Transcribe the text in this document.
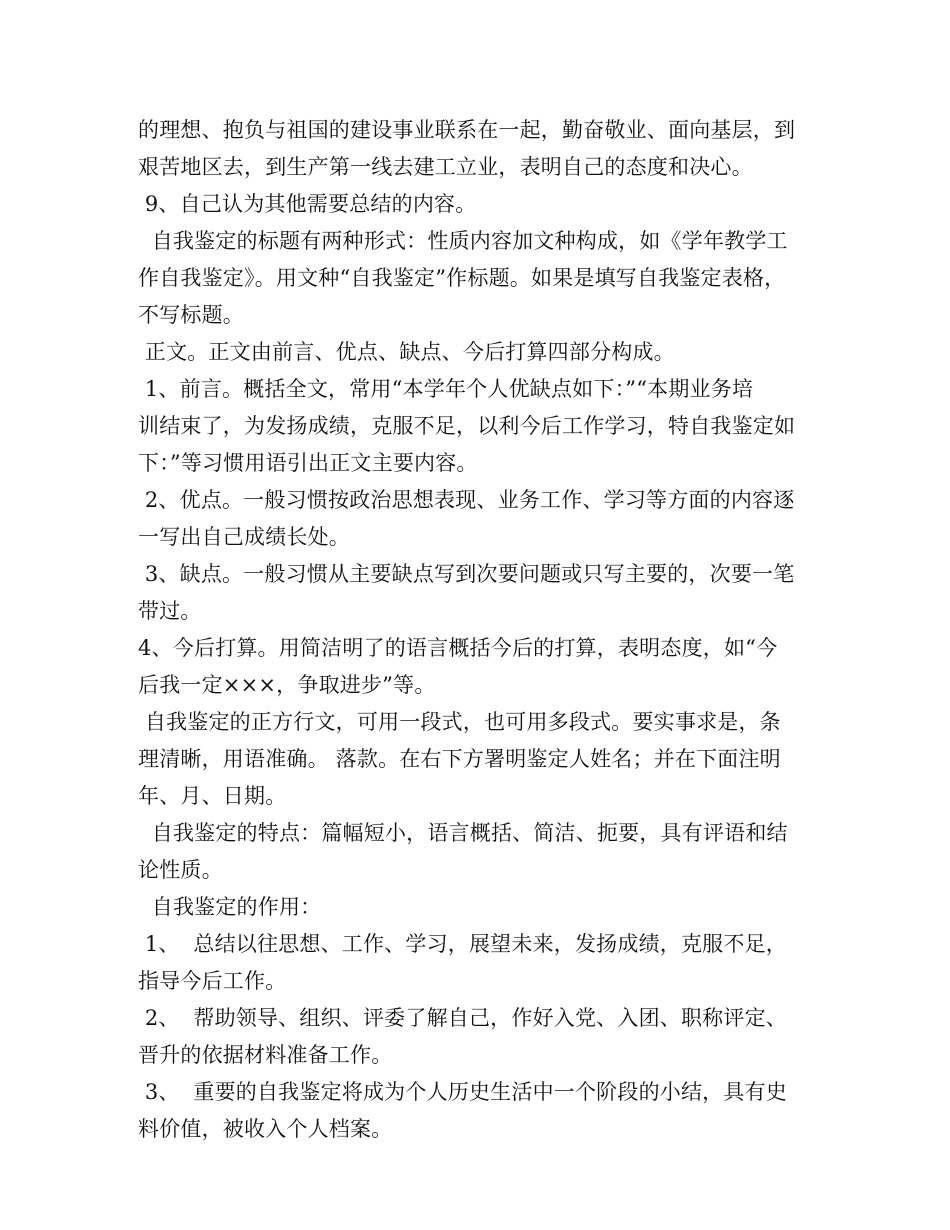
的理想、抱负与祖国的建设事业联系在一起，勤奋敬业、面向基层，到
艰苦地区去，到生产第一线去建工立业，表明自己的态度和决心。
9、自己认为其他需要总结的内容。
自我鉴定的标题有两种形式：性质内容加文种构成，如《学年教学工
作自我鉴定》。用文种“自我鉴定”作标题。如果是填写自我鉴定表格，
不写标题。
正文。正文由前言、优点、缺点、今后打算四部分构成。
1、前言。概括全文，常用“本学年个人优缺点如下：”“本期业务培
训结束了，为发扬成绩，克服不足，以利今后工作学习，特自我鉴定如
下：”等习惯用语引出正文主要内容。
2、优点。一般习惯按政治思想表现、业务工作、学习等方面的内容逐
一写出自己成绩长处。
3、缺点。一般习惯从主要缺点写到次要问题或只写主要的，次要一笔
带过。
4、今后打算。用简洁明了的语言概括今后的打算，表明态度，如“今
后我一定×××，争取进步”等。
自我鉴定的正方行文，可用一段式，也可用多段式。要实事求是，条
理清晰，用语准确。 落款。在右下方署明鉴定人姓名；并在下面注明
年、月、日期。
自我鉴定的特点：篇幅短小，语言概括、简洁、扼要，具有评语和结
论性质。
自我鉴定的作用：
1、  总结以往思想、工作、学习，展望未来，发扬成绩，克服不足，
指导今后工作。
2、  帮助领导、组织、评委了解自己，作好入党、入团、职称评定、
晋升的依据材料准备工作。
3、  重要的自我鉴定将成为个人历史生活中一个阶段的小结，具有史
料价值，被收入个人档案。
